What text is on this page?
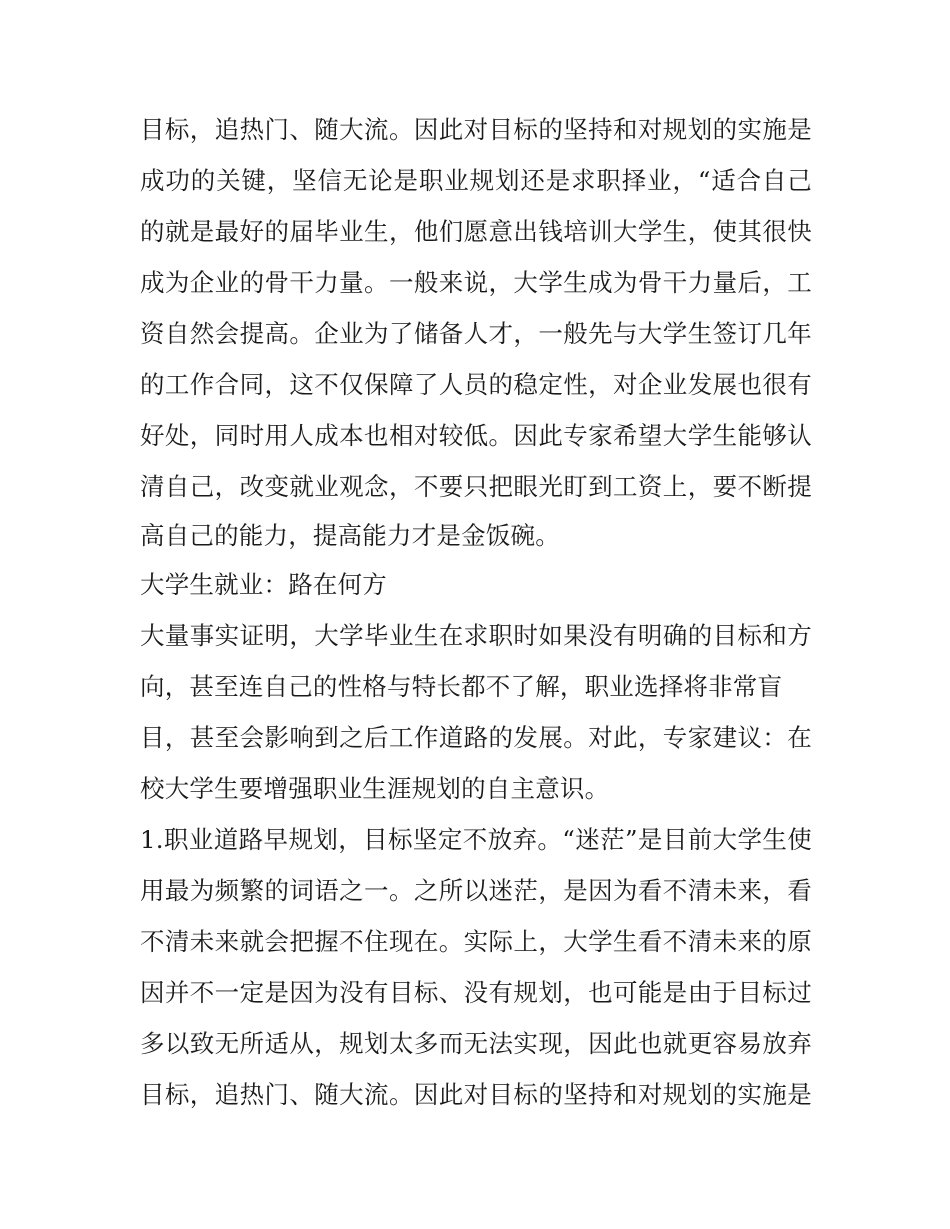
目标，追热门、随大流。因此对目标的坚持和对规划的实施是
成功的关键，坚信无论是职业规划还是求职择业，“适合自己
的就是最好的届毕业生，他们愿意出钱培训大学生，使其很快
成为企业的骨干力量。一般来说，大学生成为骨干力量后，工
资自然会提高。企业为了储备人才，一般先与大学生签订几年
的工作合同，这不仅保障了人员的稳定性，对企业发展也很有
好处，同时用人成本也相对较低。因此专家希望大学生能够认
清自己，改变就业观念，不要只把眼光盯到工资上，要不断提
高自己的能力，提高能力才是金饭碗。
大学生就业：路在何方
大量事实证明，大学毕业生在求职时如果没有明确的目标和方
向，甚至连自己的性格与特长都不了解，职业选择将非常盲
目，甚至会影响到之后工作道路的发展。对此，专家建议：在
校大学生要增强职业生涯规划的自主意识。
1.职业道路早规划，目标坚定不放弃。“迷茫”是目前大学生使
用最为频繁的词语之一。之所以迷茫，是因为看不清未来，看
不清未来就会把握不住现在。实际上，大学生看不清未来的原
因并不一定是因为没有目标、没有规划，也可能是由于目标过
多以致无所适从，规划太多而无法实现，因此也就更容易放弃
目标，追热门、随大流。因此对目标的坚持和对规划的实施是
